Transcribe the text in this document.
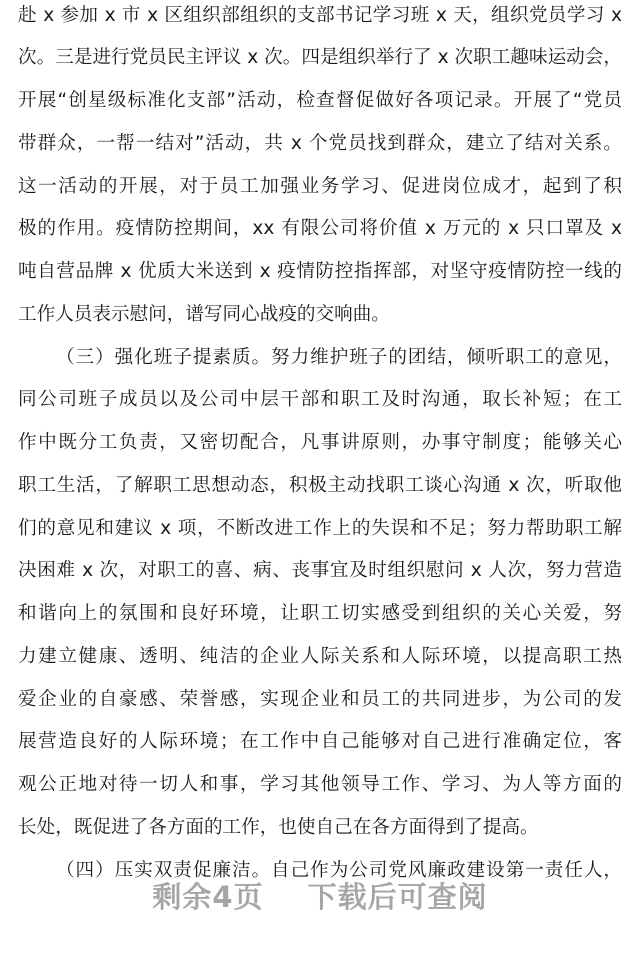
赴 x 参加 x 市 x 区组织部组织的支部书记学习班 x 天，组织党员学习 x
次。三是进行党员民主评议 x 次。四是组织举行了 x 次职工趣味运动会，
开展“创星级标准化支部”活动，检查督促做好各项记录。开展了“党员
带群众，一帮一结对”活动，共 x 个党员找到群众，建立了结对关系。
这一活动的开展，对于员工加强业务学习、促进岗位成才，起到了积
极的作用。疫情防控期间，xx 有限公司将价值 x 万元的 x 只口罩及 x
吨自营品牌 x 优质大米送到 x 疫情防控指挥部，对坚守疫情防控一线的
工作人员表示慰问，谱写同心战疫的交响曲。
（三）强化班子提素质。努力维护班子的团结，倾听职工的意见，
同公司班子成员以及公司中层干部和职工及时沟通，取长补短；在工
作中既分工负责，又密切配合，凡事讲原则，办事守制度；能够关心
职工生活，了解职工思想动态，积极主动找职工谈心沟通 x 次，听取他
们的意见和建议 x 项，不断改进工作上的失误和不足；努力帮助职工解
决困难 x 次，对职工的喜、病、丧事宜及时组织慰问 x 人次，努力营造
和谐向上的氛围和良好环境，让职工切实感受到组织的关心关爱，努
力建立健康、透明、纯洁的企业人际关系和人际环境，以提高职工热
爱企业的自豪感、荣誉感，实现企业和员工的共同进步，为公司的发
展营造良好的人际环境；在工作中自己能够对自己进行准确定位，客
观公正地对待一切人和事，学习其他领导工作、学习、为人等方面的
长处，既促进了各方面的工作，也使自己在各方面得到了提高。
（四）压实双责促廉洁。自己作为公司党风廉政建设第一责任人，
剩余4页 下载后可查阅
